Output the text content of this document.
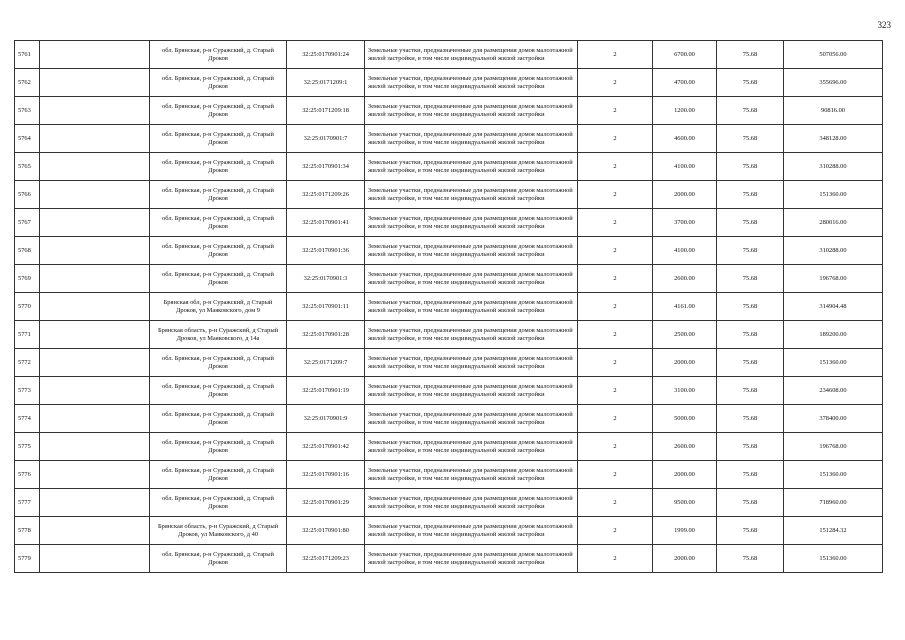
323
5761		обл. Брянская, р-н Суражский, д. Старый Дроков	32:25:0170901:24	Земельные участки, предназначенные для размещения домов малоэтажной жилой застройки, в том числе индивидуальной жилой застройки	2	6700.00	75.68	507056.00
5762		обл. Брянская, р-н Суражский, д. Старый Дроков	32:25:0171209:1	Земельные участки, предназначенные для размещения домов малоэтажной жилой застройки, в том числе индивидуальной жилой застройки	2	4700.00	75.68	355696.00
5763		обл. Брянская, р-н Суражский, д. Старый Дроков	32:25:0171209:18	Земельные участки, предназначенные для размещения домов малоэтажной жилой застройки, в том числе индивидуальной жилой застройки	2	1200.00	75.68	90816.00
5764		обл. Брянская, р-н Суражский, д. Старый Дроков	32:25:0170901:7	Земельные участки, предназначенные для размещения домов малоэтажной жилой застройки, в том числе индивидуальной жилой застройки	2	4600.00	75.68	348128.00
5765		обл. Брянская, р-н Суражский, д. Старый Дроков	32:25:0170901:34	Земельные участки, предназначенные для размещения домов малоэтажной жилой застройки, в том числе индивидуальной жилой застройки	2	4100.00	75.68	310288.00
5766		обл. Брянская, р-н Суражский, д. Старый Дроков	32:25:0171209:26	Земельные участки, предназначенные для размещения домов малоэтажной жилой застройки, в том числе индивидуальной жилой застройки	2	2000.00	75.68	151360.00
5767		обл. Брянская, р-н Суражский, д. Старый Дроков	32:25:0170901:41	Земельные участки, предназначенные для размещения домов малоэтажной жилой застройки, в том числе индивидуальной жилой застройки	2	3700.00	75.68	280016.00
5768		обл. Брянская, р-н Суражский, д. Старый Дроков	32:25:0170901:36	Земельные участки, предназначенные для размещения домов малоэтажной жилой застройки, в том числе индивидуальной жилой застройки	2	4100.00	75.68	310288.00
5769		обл. Брянская, р-н Суражский, д. Старый Дроков	32:25:0170901:3	Земельные участки, предназначенные для размещения домов малоэтажной жилой застройки, в том числе индивидуальной жилой застройки	2	2600.00	75.68	196768.00
5770		Брянская обл, р-н Суражский, д Старый Дроков, ул Маяковского, дом 9	32:25:0170901:11	Земельные участки, предназначенные для размещения домов малоэтажной жилой застройки, в том числе индивидуальной жилой застройки	2	4161.00	75.68	314904.48
5771		Брянская область, р-н Суражский, д Старый Дроков, ул Маяковского, д 14а	32:25:0170901:28	Земельные участки, предназначенные для размещения домов малоэтажной жилой застройки, в том числе индивидуальной жилой застройки	2	2500.00	75.68	189200.00
5772		обл. Брянская, р-н Суражский, д. Старый Дроков	32:25:0171209:7	Земельные участки, предназначенные для размещения домов малоэтажной жилой застройки, в том числе индивидуальной жилой застройки	2	2000.00	75.68	151360.00
5773		обл. Брянская, р-н Суражский, д. Старый Дроков	32:25:0170901:19	Земельные участки, предназначенные для размещения домов малоэтажной жилой застройки, в том числе индивидуальной жилой застройки	2	3100.00	75.68	234608.00
5774		обл. Брянская, р-н Суражский, д. Старый Дроков	32:25:0170901:9	Земельные участки, предназначенные для размещения домов малоэтажной жилой застройки, в том числе индивидуальной жилой застройки	2	5000.00	75.68	378400.00
5775		обл. Брянская, р-н Суражский, д. Старый Дроков	32:25:0170901:42	Земельные участки, предназначенные для размещения домов малоэтажной жилой застройки, в том числе индивидуальной жилой застройки	2	2600.00	75.68	196768.00
5776		обл. Брянская, р-н Суражский, д. Старый Дроков	32:25:0170901:16	Земельные участки, предназначенные для размещения домов малоэтажной жилой застройки, в том числе индивидуальной жилой застройки	2	2000.00	75.68	151360.00
5777		обл. Брянская, р-н Суражский, д. Старый Дроков	32:25:0170901:29	Земельные участки, предназначенные для размещения домов малоэтажной жилой застройки, в том числе индивидуальной жилой застройки	2	9500.00	75.68	718960.00
5778		Брянская область, р-н Суражский, д Старый Дроков, ул Маяковского, д 40	32:25:0170901:80	Земельные участки, предназначенные для размещения домов малоэтажной жилой застройки, в том числе индивидуальной жилой застройки	2	1999.00	75.68	151284.32
5779		обл. Брянская, р-н Суражский, д. Старый Дроков	32:25:0171209:23	Земельные участки, предназначенные для размещения домов малоэтажной жилой застройки, в том числе индивидуальной жилой застройки	2	2000.00	75.68	151360.00
